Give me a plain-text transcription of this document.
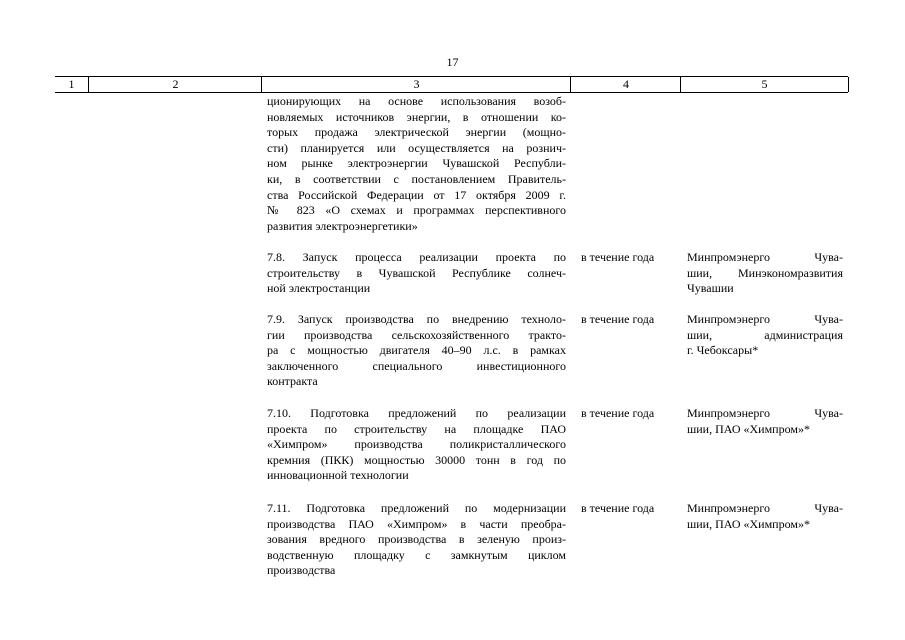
17
1	2	3	4	5
ционирующих на основе использования возоб-
новляемых источников энергии, в отношении ко-
торых продажа электрической энергии (мощно-
сти) планируется или осуществляется на рознич-
ном рынке электроэнергии Чувашской Республи-
ки, в соответствии с постановлением Правитель-
ства Российской Федерации от 17 октября 2009 г.
№ 823 «О схемах и программах перспективного
развития электроэнергетики»
7.8. Запуск процесса реализации проекта по
строительству в Чувашской Республике солнеч-
ной электростанции
в течение года	Минпромэнерго Чува-
шии, Минэкономразвития
Чувашии
7.9. Запуск производства по внедрению техноло-
гии производства сельскохозяйственного тракто-
ра с мощностью двигателя 40–90 л.с. в рамках
заключенного специального инвестиционного
контракта
в течение года	Минпромэнерго Чува-
шии, администрация
г. Чебоксары*
7.10. Подготовка предложений по реализации
проекта по строительству на площадке ПАО
«Химпром» производства поликристаллического
кремния (ПКК) мощностью 30000 тонн в год по
инновационной технологии
в течение года	Минпромэнерго Чува-
шии, ПАО «Химпром»*
7.11. Подготовка предложений по модернизации
производства ПАО «Химпром» в части преобра-
зования вредного производства в зеленую произ-
водственную площадку с замкнутым циклом
производства
в течение года	Минпромэнерго Чува-
шии, ПАО «Химпром»*
